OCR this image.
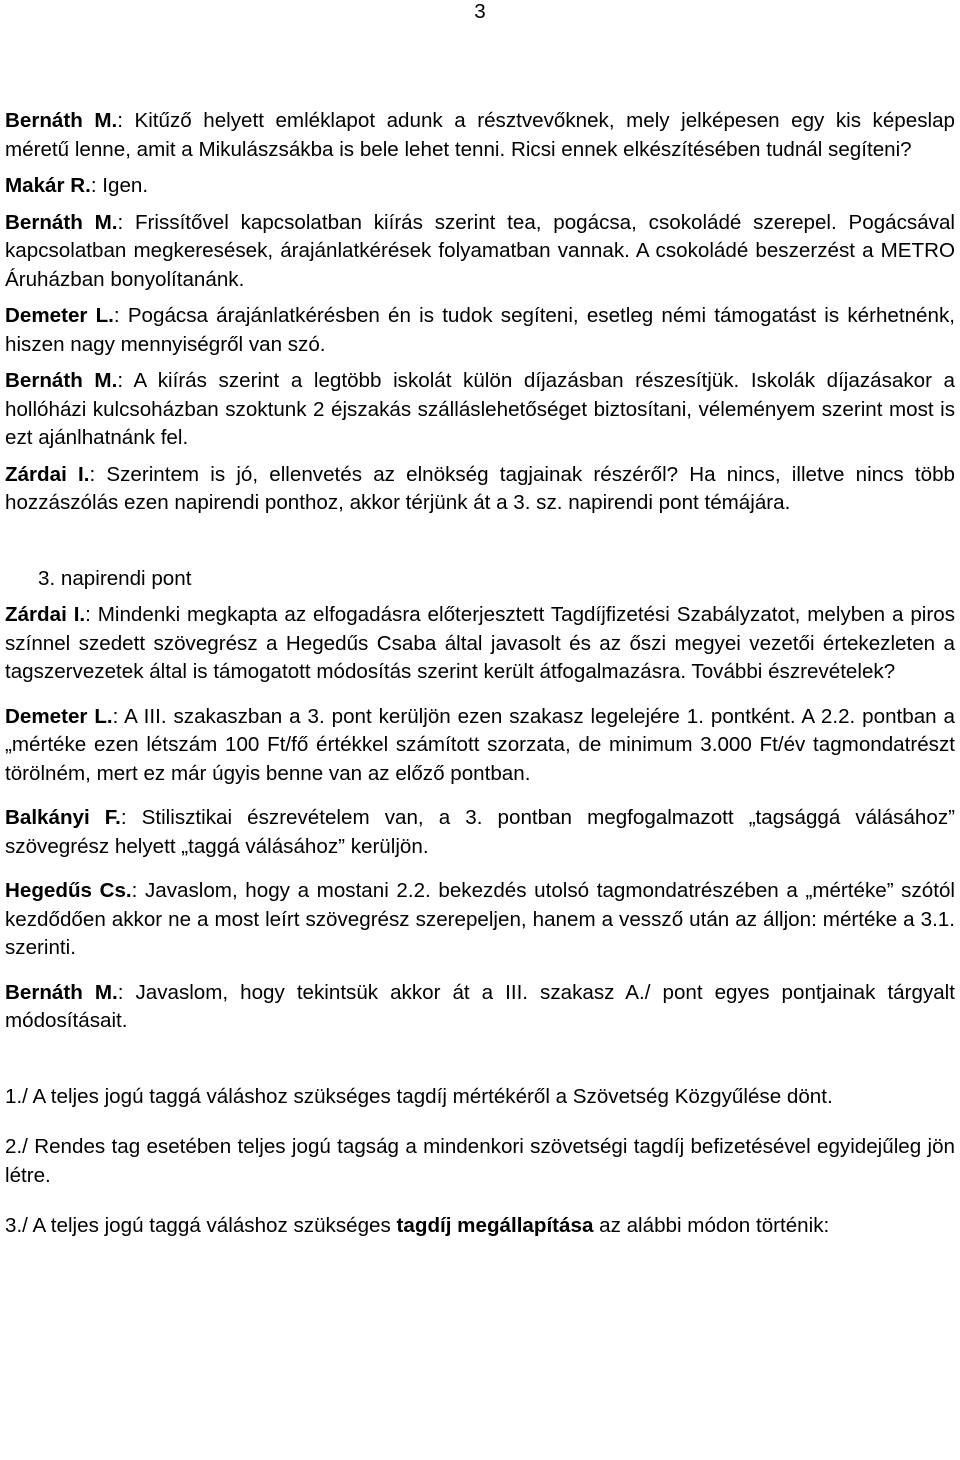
3

Bernáth M.: Kitűző helyett emléklapot adunk a résztvevőknek, mely jelképesen egy kis képeslap méretű lenne, amit a Mikulászsákba is bele lehet tenni. Ricsi ennek elkészítésében tudnál segíteni?

Makár R.: Igen.

Bernáth M.: Frissítővel kapcsolatban kiírás szerint tea, pogácsa, csokoládé szerepel. Pogácsával kapcsolatban megkeresések, árajánlatkérések folyamatban vannak. A csokoládé beszerzést a METRO Áruházban bonyolítanánk.

Demeter L.: Pogácsa árajánlatkérésben én is tudok segíteni, esetleg némi támogatást is kérhetnénk, hiszen nagy mennyiségről van szó.

Bernáth M.: A kiírás szerint a legtöbb iskolát külön díjazásban részesítjük. Iskolák díjazásakor a hollóházi kulcsoházban szoktunk 2 éjszakás szálláslehetőséget biztosítani, véleményem szerint most is ezt ajánlhatnánk fel.

Zárdai I.: Szerintem is jó, ellenvetés az elnökség tagjainak részéről? Ha nincs, illetve nincs több hozzászólás ezen napirendi ponthoz, akkor térjünk át a 3. sz. napirendi pont témájára.

3. napirendi pont

Zárdai I.: Mindenki megkapta az elfogadásra előterjesztett Tagdíjfizetési Szabályzatot, melyben a piros színnel szedett szövegrész a Hegedűs Csaba által javasolt és az őszi megyei vezetői értekezleten a tagszervezetek által is támogatott módosítás szerint került átfogalmazásra. További észrevételek?

Demeter L.: A III. szakaszban a 3. pont kerüljön ezen szakasz legelejére 1. pontként. A 2.2. pontban a „mértéke ezen létszám 100 Ft/fő értékkel számított szorzata, de minimum 3.000 Ft/év tagmondatrészt törölném, mert ez már úgyis benne van az előző pontban.

Balkányi F.: Stilisztikai észrevételem van, a 3. pontban megfogalmazott „tagsággá válásához” szövegrész helyett „taggá válásához” kerüljön.

Hegedűs Cs.: Javaslom, hogy a mostani 2.2. bekezdés utolsó tagmondatrészében a „mértéke” szótól kezdődően akkor ne a most leírt szövegrész szerepeljen, hanem a vessző után az álljon: mértéke a 3.1. szerinti.

Bernáth M.: Javaslom, hogy tekintsük akkor át a III. szakasz A./ pont egyes pontjainak tárgyalt módosításait.

1./ A teljes jogú taggá váláshoz szükséges tagdíj mértékéről a Szövetség Közgyűlése dönt.

2./ Rendes tag esetében teljes jogú tagság a mindenkori szövetségi tagdíj befizetésével egyidejűleg jön létre.

3./ A teljes jogú taggá váláshoz szükséges tagdíj megállapítása az alábbi módon történik:
